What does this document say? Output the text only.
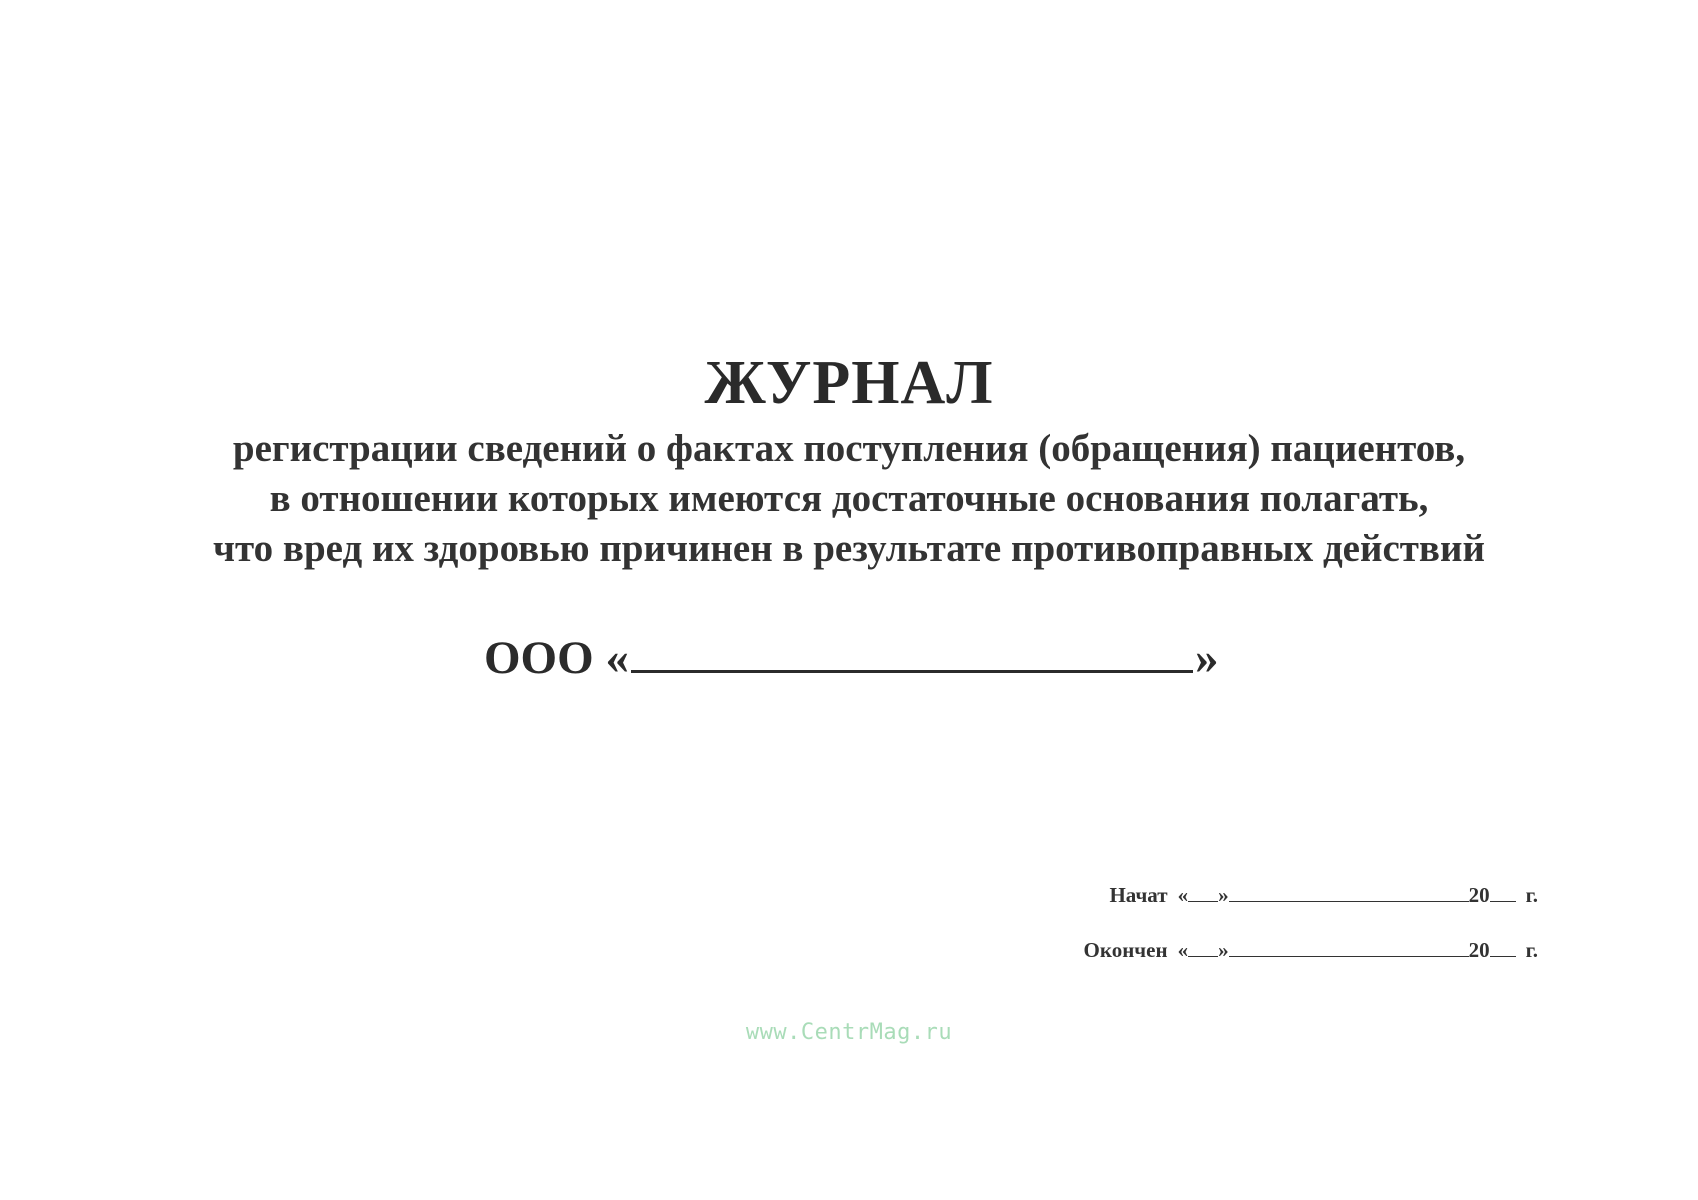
ЖУРНАЛ
регистрации сведений о фактах поступления (обращения) пациентов,
в отношении которых имеются достаточные основания полагать,
что вред их здоровью причинен в результате противоправных действий
ООО «	»
Начат « »	20 г.
Окончен « »	20 г.
www.CentrMag.ru
